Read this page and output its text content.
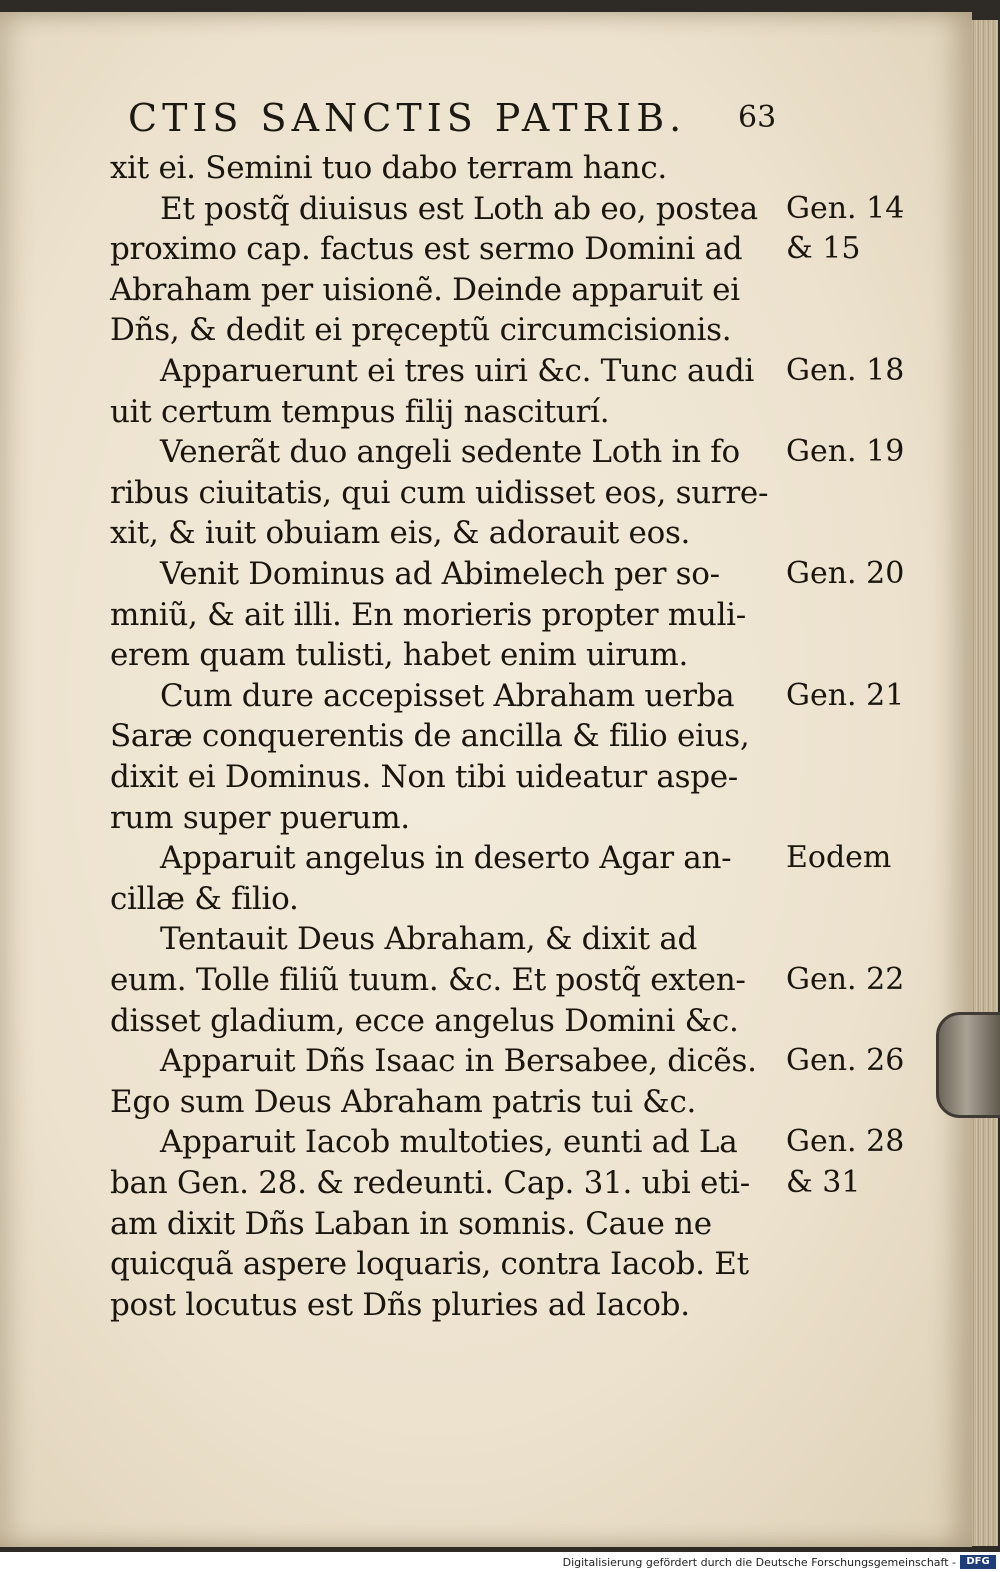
CTIS SANCTIS PATRIB.	63
xit ei. Semini tuo dabo terram hanc.
Et postq̃ diuisus est Loth ab eo, postea
proximo cap. factus est sermo Domini ad
Abraham per uisionẽ. Deinde apparuit ei
Dñs, & dedit ei pręceptũ circumcisionis.
Apparuerunt ei tres uiri &c. Tunc audi
uit certum tempus filij nasciturí.
Venerãt duo angeli sedente Loth in fo
ribus ciuitatis, qui cum uidisset eos, surre-
xit, & iuit obuiam eis, & adorauit eos.
Venit Dominus ad Abimelech per so-
mniũ, & ait illi. En morieris propter muli-
erem quam tulisti, habet enim uirum.
Cum dure accepisset Abraham uerba
Saræ conquerentis de ancilla & filio eius,
dixit ei Dominus. Non tibi uideatur aspe-
rum super puerum.
Apparuit angelus in deserto Agar an-
cillæ & filio.
Tentauit Deus Abraham, & dixit ad
eum. Tolle filiũ tuum. &c. Et postq̃ exten-
disset gladium, ecce angelus Domini &c.
Apparuit Dñs Isaac in Bersabee, dicẽs.
Ego sum Deus Abraham patris tui &c.
Apparuit Iacob multoties, eunti ad La
ban Gen. 28. & redeunti. Cap. 31. ubi eti-
am dixit Dñs Laban in somnis. Caue ne
quicquã aspere loquaris, contra Iacob. Et
post locutus est Dñs pluries ad Iacob.
Gen. 14
& 15
Gen. 18
Gen. 19
Gen. 20
Gen. 21
Eodem
Gen. 22
Gen. 26
Gen. 28
& 31
Digitalisierung gefördert durch die Deutsche Forschungsgemeinschaft -	DFG
